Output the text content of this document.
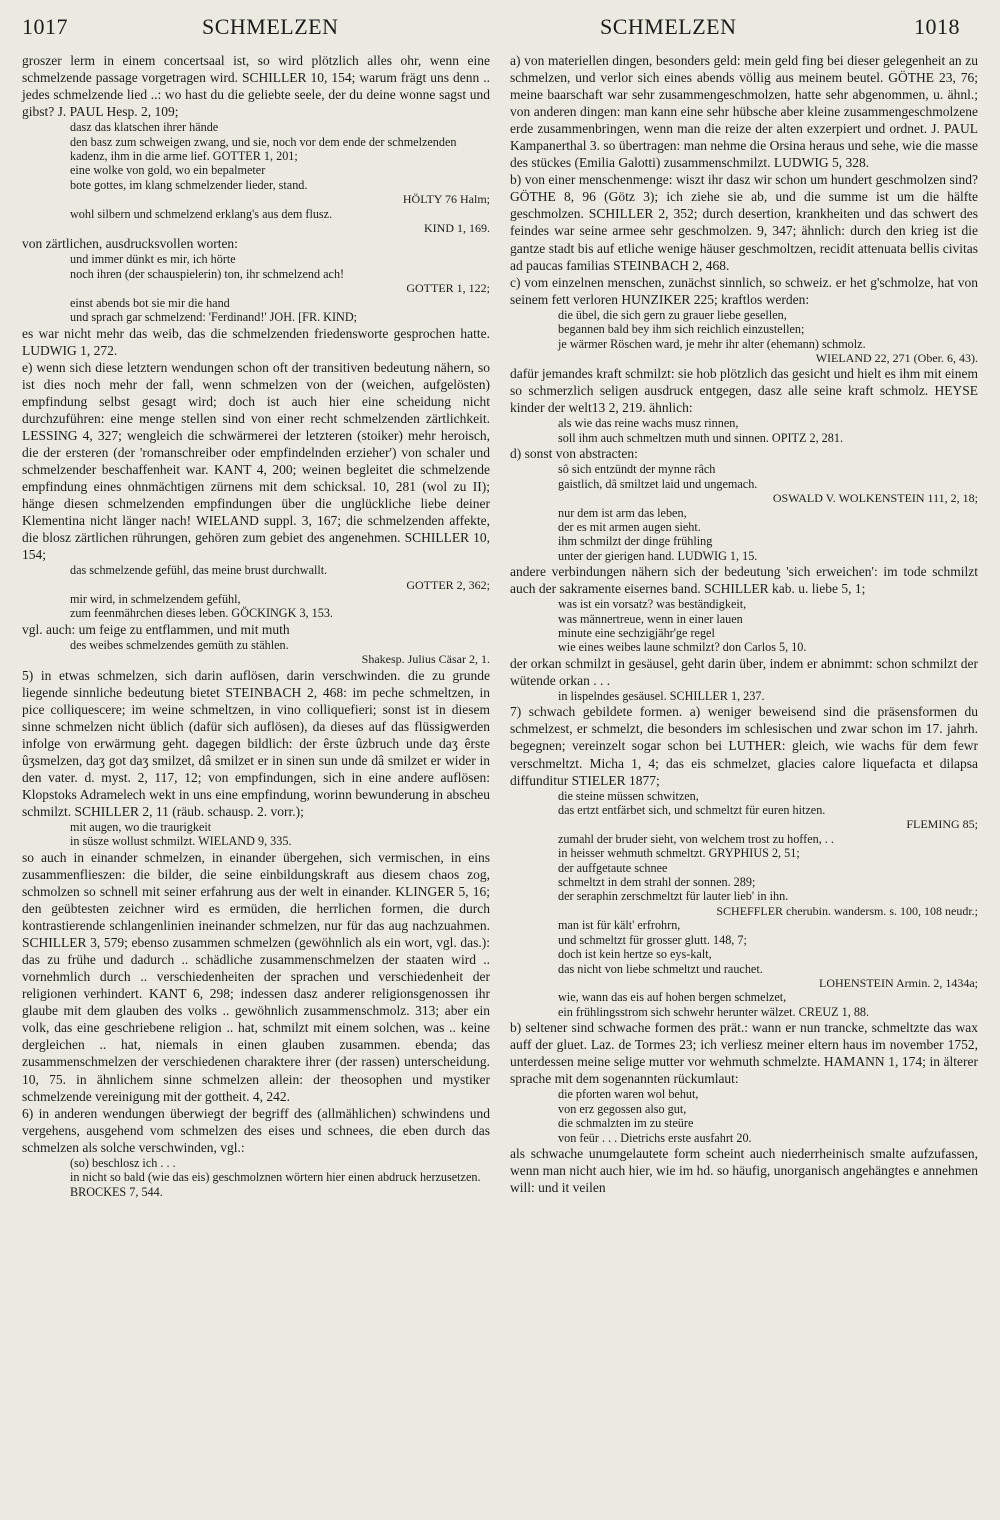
1017	SCHMELZEN	SCHMELZEN	1018

groszer lerm in einem concertsaal ist, so wird plötzlich alles ohr, wenn eine schmelzende passage vorgetragen wird. SCHILLER 10, 154; warum frägt uns denn .. jedes schmelzende lied ..: wo hast du die geliebte seele, der du deine wonne sagst und gibst? J. PAUL Hesp. 2, 109;

dasz das klatschen ihrer hände

den basz zum schweigen zwang, und sie, noch vor dem ende der schmelzenden kadenz, ihm in die arme lief. GOTTER 1, 201;

eine wolke von gold, wo ein bepalmeter

bote gottes, im klang schmelzender lieder, stand.

HÖLTY 76 Halm;

wohl silbern und schmelzend erklang's aus dem flusz.

KIND 1, 169.

von zärtlichen, ausdrucksvollen worten:

und immer dünkt es mir, ich hörte

noch ihren (der schauspielerin) ton, ihr schmelzend ach!

GOTTER 1, 122;

einst abends bot sie mir die hand

und sprach gar schmelzend: 'Ferdinand!' JOH. [FR. KIND;

es war nicht mehr das weib, das die schmelzenden friedensworte gesprochen hatte. LUDWIG 1, 272.

e) wenn sich diese letztern wendungen schon oft der transitiven bedeutung nähern, so ist dies noch mehr der fall, wenn schmelzen von der (weichen, aufgelösten) empfindung selbst gesagt wird; doch ist auch hier eine scheidung nicht durchzuführen: eine menge stellen sind von einer recht schmelzenden zärtlichkeit. LESSING 4, 327; wengleich die schwärmerei der letzteren (stoiker) mehr heroisch, die der ersteren (der 'romanschreiber oder empfindelnden erzieher') von schaler und schmelzender beschaffenheit war. KANT 4, 200; weinen begleitet die schmelzende empfindung eines ohnmächtigen zürnens mit dem schicksal. 10, 281 (wol zu II); hänge diesen schmelzenden empfindungen über die unglückliche liebe deiner Klementina nicht länger nach! WIELAND suppl. 3, 167; die schmelzenden affekte, die blosz zärtlichen rührungen, gehören zum gebiet des angenehmen. SCHILLER 10, 154;

das schmelzende gefühl, das meine brust durchwallt.

GOTTER 2, 362;

mir wird, in schmelzendem gefühl,

zum feenmährchen dieses leben. GÖCKINGK 3, 153.

vgl. auch: um feige zu entflammen, und mit muth

des weibes schmelzendes gemüth zu stählen.

Shakesp. Julius Cäsar 2, 1.

5) in etwas schmelzen, sich darin auflösen, darin verschwinden. die zu grunde liegende sinnliche bedeutung bietet STEINBACH 2, 468: im peche schmeltzen, in pice colliquescere; im weine schmeltzen, in vino colliquefieri; sonst ist in diesem sinne schmelzen nicht üblich (dafür sich auflösen), da dieses auf das flüssigwerden infolge von erwärmung geht. dagegen bildlich: der êrste ûzbruch unde daʒ êrste ûʒsmelzen, daʒ got daʒ smilzet, dâ smilzet er in sinen sun unde dâ smilzet er wider in den vater. d. myst. 2, 117, 12; von empfindungen, sich in eine andere auflösen: Klopstoks Adramelech wekt in uns eine empfindung, worinn bewunderung in abscheu schmilzt. SCHILLER 2, 11 (räub. schausp. 2. vorr.);

mit augen, wo die traurigkeit

in süsze wollust schmilzt. WIELAND 9, 335.

so auch in einander schmelzen, in einander übergehen, sich vermischen, in eins zusammenflieszen: die bilder, die seine einbildungskraft aus diesem chaos zog, schmolzen so schnell mit seiner erfahrung aus der welt in einander. KLINGER 5, 16; den geübtesten zeichner wird es ermüden, die herrlichen formen, die durch kontrastierende schlangenlinien ineinander schmelzen, nur für das aug nachzuahmen. SCHILLER 3, 579; ebenso zusammen schmelzen (gewöhnlich als ein wort, vgl. das.): das zu frühe und dadurch .. schädliche zusammenschmelzen der staaten wird .. vornehmlich durch .. verschiedenheiten der sprachen und verschiedenheit der religionen verhindert. KANT 6, 298; indessen dasz anderer religionsgenossen ihr glaube mit dem glauben des volks .. gewöhnlich zusammenschmolz. 313; aber ein volk, das eine geschriebene religion .. hat, schmilzt mit einem solchen, was .. keine dergleichen .. hat, niemals in einen glauben zusammen. ebenda; das zusammenschmelzen der verschiedenen charaktere ihrer (der rassen) unterscheidung. 10, 75. in ähnlichem sinne schmelzen allein: der theosophen und mystiker schmelzende vereinigung mit der gottheit. 4, 242.

6) in anderen wendungen überwiegt der begriff des (allmählichen) schwindens und vergehens, ausgehend vom schmelzen des eises und schnees, die eben durch das schmelzen als solche verschwinden, vgl.:

(so) beschlosz ich . . .

in nicht so bald (wie das eis) geschmolznen wörtern hier einen abdruck herzusetzen. BROCKES 7, 544.

a) von materiellen dingen, besonders geld: mein geld fing bei dieser gelegenheit an zu schmelzen, und verlor sich eines abends völlig aus meinem beutel. GÖTHE 23, 76; meine baarschaft war sehr zusammengeschmolzen, hatte sehr abgenommen, u. ähnl.; von anderen dingen: man kann eine sehr hübsche aber kleine zusammengeschmolzene erde zusammenbringen, wenn man die reize der alten exzerpiert und ordnet. J. PAUL Kampanerthal 3. so übertragen: man nehme die Orsina heraus und sehe, wie die masse des stückes (Emilia Galotti) zusammenschmilzt. LUDWIG 5, 328.

b) von einer menschenmenge: wiszt ihr dasz wir schon um hundert geschmolzen sind? GÖTHE 8, 96 (Götz 3); ich ziehe sie ab, und die summe ist um die hälfte geschmolzen. SCHILLER 2, 352; durch desertion, krankheiten und das schwert des feindes war seine armee sehr geschmolzen. 9, 347; ähnlich: durch den krieg ist die gantze stadt bis auf etliche wenige häuser geschmoltzen, recidit attenuata bellis civitas ad paucas familias STEINBACH 2, 468.

c) vom einzelnen menschen, zunächst sinnlich, so schweiz. er het g'schmolze, hat von seinem fett verloren HUNZIKER 225; kraftlos werden:

die übel, die sich gern zu grauer liebe gesellen,

begannen bald bey ihm sich reichlich einzustellen;

je wärmer Röschen ward, je mehr ihr alter (ehemann) schmolz.

WIELAND 22, 271 (Ober. 6, 43).

dafür jemandes kraft schmilzt: sie hob plötzlich das gesicht und hielt es ihm mit einem so schmerzlich seligen ausdruck entgegen, dasz alle seine kraft schmolz. HEYSE kinder der welt13 2, 219. ähnlich:

als wie das reine wachs musz rinnen,

soll ihm auch schmeltzen muth und sinnen. OPITZ 2, 281.

d) sonst von abstracten:

sô sich entzündt der mynne râch

gaistlich, dâ smiltzet laid und ungemach.

OSWALD V. WOLKENSTEIN 111, 2, 18;

nur dem ist arm das leben,

der es mit armen augen sieht.

ihm schmilzt der dinge frühling

unter der gierigen hand. LUDWIG 1, 15.

andere verbindungen nähern sich der bedeutung 'sich erweichen': im tode schmilzt auch der sakramente eisernes band. SCHILLER kab. u. liebe 5, 1;

was ist ein vorsatz? was beständigkeit,

was männertreue, wenn in einer lauen

minute eine sechzigjähr'ge regel

wie eines weibes laune schmilzt? don Carlos 5, 10.

der orkan schmilzt in gesäusel, geht darin über, indem er abnimmt: schon schmilzt der wütende orkan . . .

in lispelndes gesäusel. SCHILLER 1, 237.

7) schwach gebildete formen. a) weniger beweisend sind die präsensformen du schmelzest, er schmelzt, die besonders im schlesischen und zwar schon im 17. jahrh. begegnen; vereinzelt sogar schon bei LUTHER: gleich, wie wachs für dem fewr verschmeltzt. Micha 1, 4; das eis schmelzet, glacies calore liquefacta et dilapsa diffunditur STIELER 1877;

die steine müssen schwitzen,

das ertzt entfärbet sich, und schmeltzt für euren hitzen.

FLEMING 85;

zumahl der bruder sieht, von welchem trost zu hoffen, . .

in heisser wehmuth schmeltzt. GRYPHIUS 2, 51;

der auffgetaute schnee

schmeltzt in dem strahl der sonnen. 289;

der seraphin zerschmeltzt für lauter lieb' in ihn.

SCHEFFLER cherubin. wandersm. s. 100, 108 neudr.;

man ist für kält' erfrohrn,

und schmeltzt für grosser glutt. 148, 7;

doch ist kein hertze so eys-kalt,

das nicht von liebe schmeltzt und rauchet.

LOHENSTEIN Armin. 2, 1434a;

wie, wann das eis auf hohen bergen schmelzet,

ein frühlingsstrom sich schwehr herunter wälzet. CREUZ 1, 88.

b) seltener sind schwache formen des prät.: wann er nun trancke, schmeltzte das wax auff der gluet. Laz. de Tormes 23; ich verliesz meiner eltern haus im november 1752, unterdessen meine selige mutter vor wehmuth schmelzte. HAMANN 1, 174; in älterer sprache mit dem sogenannten rückumlaut:

die pforten waren wol behut,

von erz gegossen also gut,

die schmalzten im zu steüre

von feür . . . Dietrichs erste ausfahrt 20.

als schwache unumgelautete form scheint auch niederrheinisch smalte aufzufassen, wenn man nicht auch hier, wie im hd. so häufig, unorganisch angehängtes e annehmen will: und it veilen
